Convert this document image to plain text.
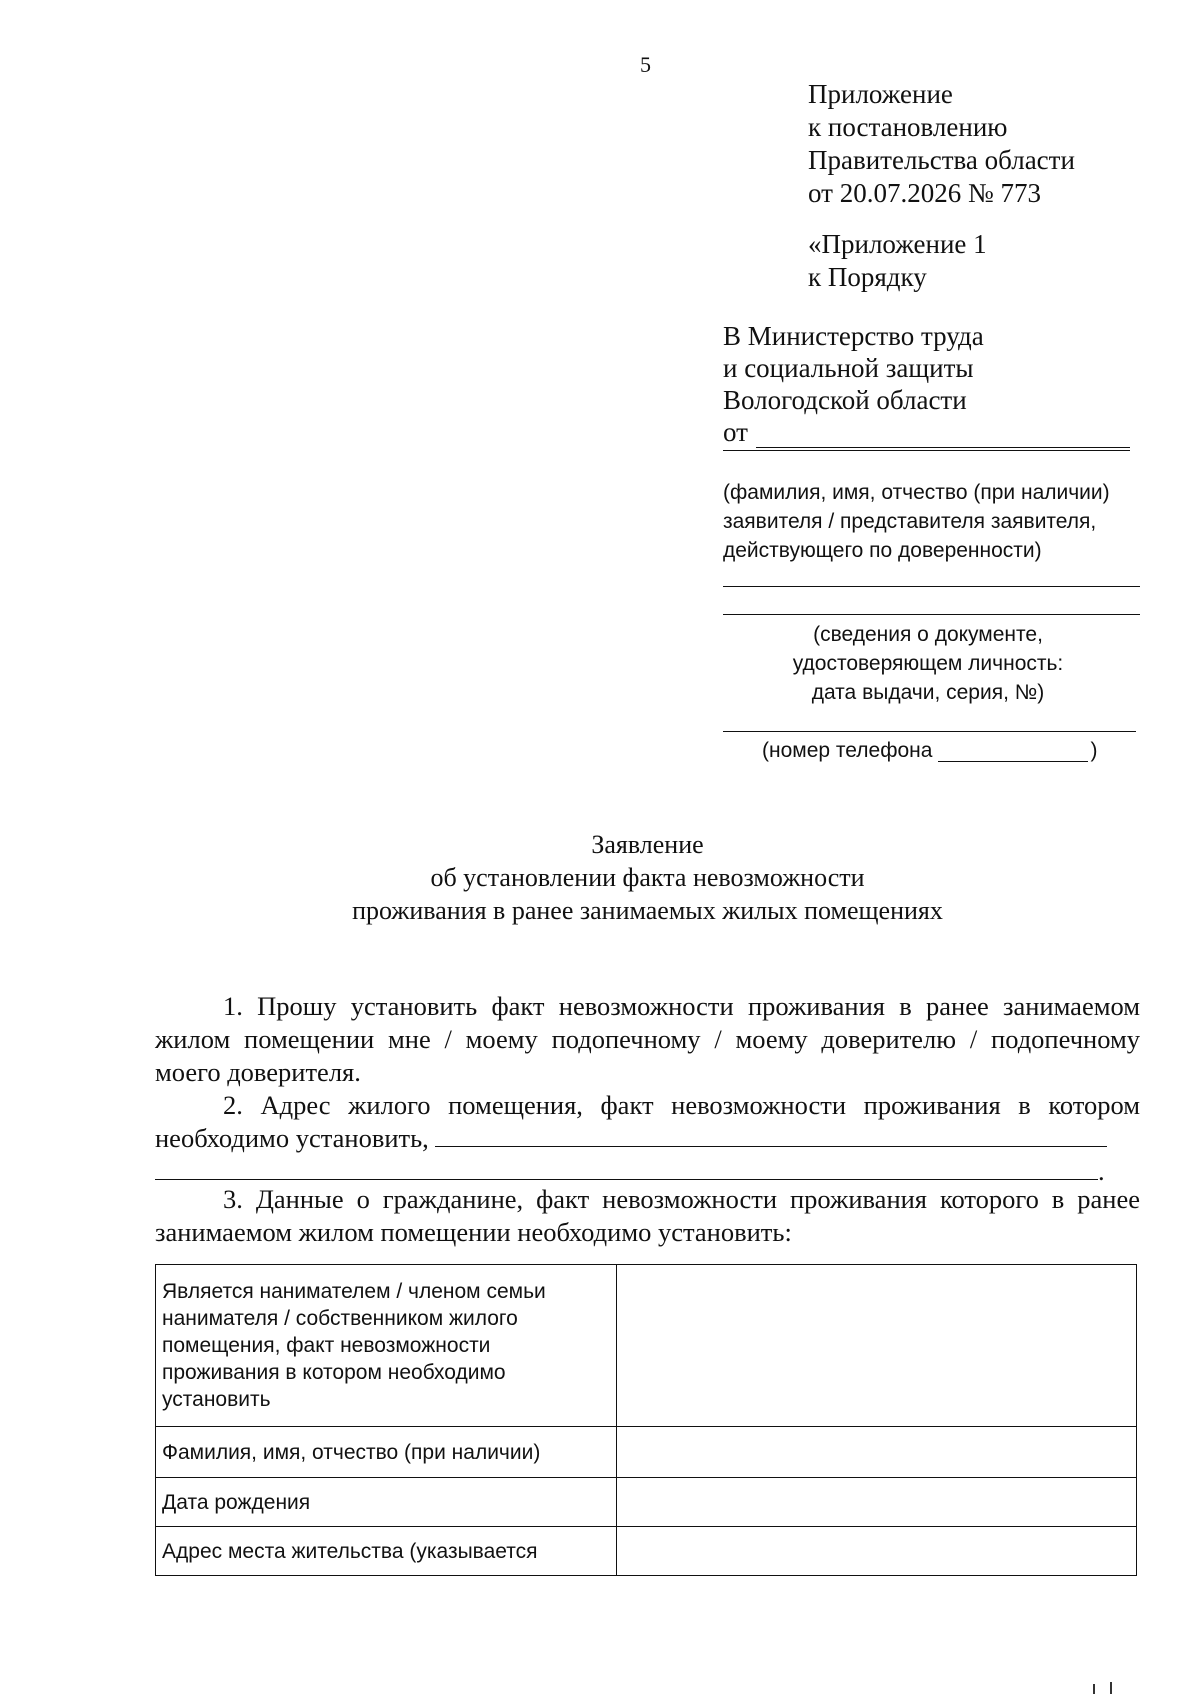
5
Приложение
к постановлению
Правительства области
от 20.07.2026 № 773
«Приложение 1
к Порядку
В Министерство труда
и социальной защиты
Вологодской области
от
(фамилия, имя, отчество (при наличии)
заявителя / представителя заявителя,
действующего по доверенности)
(сведения о документе,
удостоверяющем личность:
дата выдачи, серия, №)
(номер телефона	)
Заявление
об установлении факта невозможности
проживания в ранее занимаемых жилых помещениях
1. Прошу установить факт невозможности проживания в ранее занимаемом жилом помещении мне / моему подопечному / моему доверителю / подопечному моего доверителя.
2. Адрес жилого помещения, факт невозможности проживания в котором необходимо установить,
.
3. Данные о гражданине, факт невозможности проживания которого в ранее занимаемом жилом помещении необходимо установить:
Является нанимателем / членом семьи нанимателя / собственником жилого помещения, факт невозможности проживания в котором необходимо установить	
Фамилия, имя, отчество (при наличии)	
Дата рождения	
Адрес места жительства (указывается	
